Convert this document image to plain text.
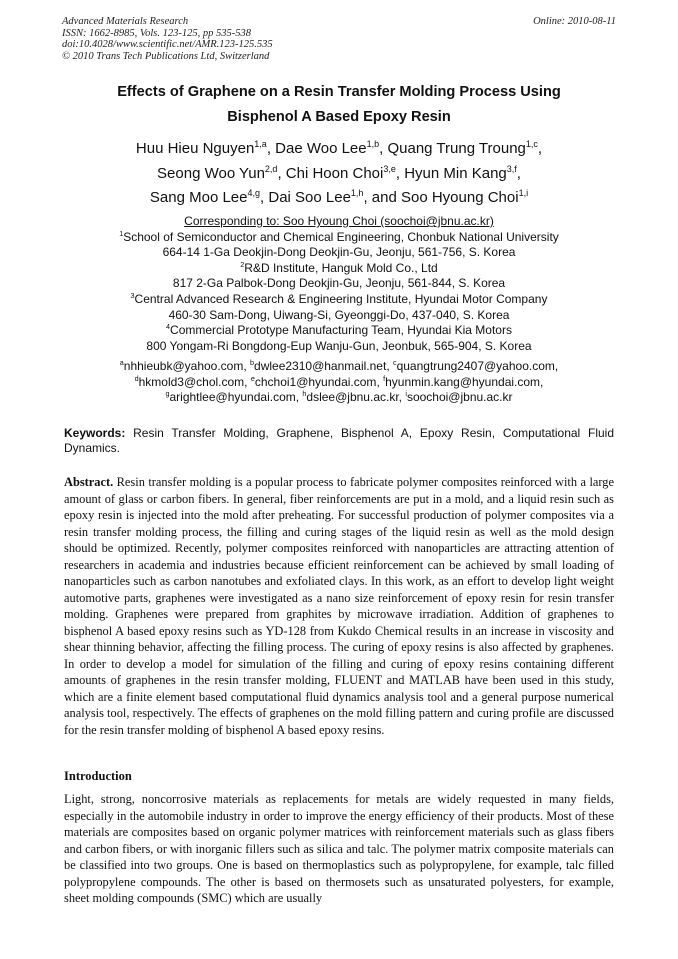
Advanced Materials Research
ISSN: 1662-8985, Vols. 123-125, pp 535-538
doi:10.4028/www.scientific.net/AMR.123-125.535
© 2010 Trans Tech Publications Ltd, Switzerland
Online: 2010-08-11
Effects of Graphene on a Resin Transfer Molding Process Using
Bisphenol A Based Epoxy Resin
Huu Hieu Nguyen$^{1,a}$, Dae Woo Lee$^{1,b}$, Quang Trung Troung$^{1,c}$,
Seong Woo Yun$^{2,d}$, Chi Hoon Choi$^{3,e}$, Hyun Min Kang$^{3,f}$,
Sang Moo Lee$^{4,g}$, Dai Soo Lee$^{1,h}$, and Soo Hyoung Choi$^{1,i}$
Corresponding to: Soo Hyoung Choi (soochoi@jbnu.ac.kr)
$^1$School of Semiconductor and Chemical Engineering, Chonbuk National University
664-14 1-Ga Deokjin-Dong Deokjin-Gu, Jeonju, 561-756, S. Korea
$^2$R&D Institute, Hanguk Mold Co., Ltd
817 2-Ga Palbok-Dong Deokjin-Gu, Jeonju, 561-844, S. Korea
$^3$Central Advanced Research & Engineering Institute, Hyundai Motor Company
460-30 Sam-Dong, Uiwang-Si, Gyeonggi-Do, 437-040, S. Korea
$^4$Commercial Prototype Manufacturing Team, Hyundai Kia Motors
800 Yongam-Ri Bongdong-Eup Wanju-Gun, Jeonbuk, 565-904, S. Korea
$^a$nhhieubk@yahoo.com, $^b$dwlee2310@hanmail.net, $^c$quangtrung2407@yahoo.com,
$^d$hkmold3@chol.com, $^e$chchoi1@hyundai.com, $^f$hyunmin.kang@hyundai.com,
$^g$arightlee@hyundai.com, $^h$dslee@jbnu.ac.kr, $^i$soochoi@jbnu.ac.kr
Keywords: Resin Transfer Molding, Graphene, Bisphenol A, Epoxy Resin, Computational Fluid Dynamics.
Abstract. Resin transfer molding is a popular process to fabricate polymer composites reinforced with a large amount of glass or carbon fibers. In general, fiber reinforcements are put in a mold, and a liquid resin such as epoxy resin is injected into the mold after preheating. For successful production of polymer composites via a resin transfer molding process, the filling and curing stages of the liquid resin as well as the mold design should be optimized. Recently, polymer composites reinforced with nanoparticles are attracting attention of researchers in academia and industries because efficient reinforcement can be achieved by small loading of nanoparticles such as carbon nanotubes and exfoliated clays. In this work, as an effort to develop light weight automotive parts, graphenes were investigated as a nano size reinforcement of epoxy resin for resin transfer molding. Graphenes were prepared from graphites by microwave irradiation. Addition of graphenes to bisphenol A based epoxy resins such as YD-128 from Kukdo Chemical results in an increase in viscosity and shear thinning behavior, affecting the filling process. The curing of epoxy resins is also affected by graphenes. In order to develop a model for simulation of the filling and curing of epoxy resins containing different amounts of graphenes in the resin transfer molding, FLUENT and MATLAB have been used in this study, which are a finite element based computational fluid dynamics analysis tool and a general purpose numerical analysis tool, respectively. The effects of graphenes on the mold filling pattern and curing profile are discussed for the resin transfer molding of bisphenol A based epoxy resins.
Introduction
Light, strong, noncorrosive materials as replacements for metals are widely requested in many fields, especially in the automobile industry in order to improve the energy efficiency of their products. Most of these materials are composites based on organic polymer matrices with reinforcement materials such as glass fibers and carbon fibers, or with inorganic fillers such as silica and talc. The polymer matrix composite materials can be classified into two groups. One is based on thermoplastics such as polypropylene, for example, talc filled polypropylene compounds. The other is based on thermosets such as unsaturated polyesters, for example, sheet molding compounds (SMC) which are usually
